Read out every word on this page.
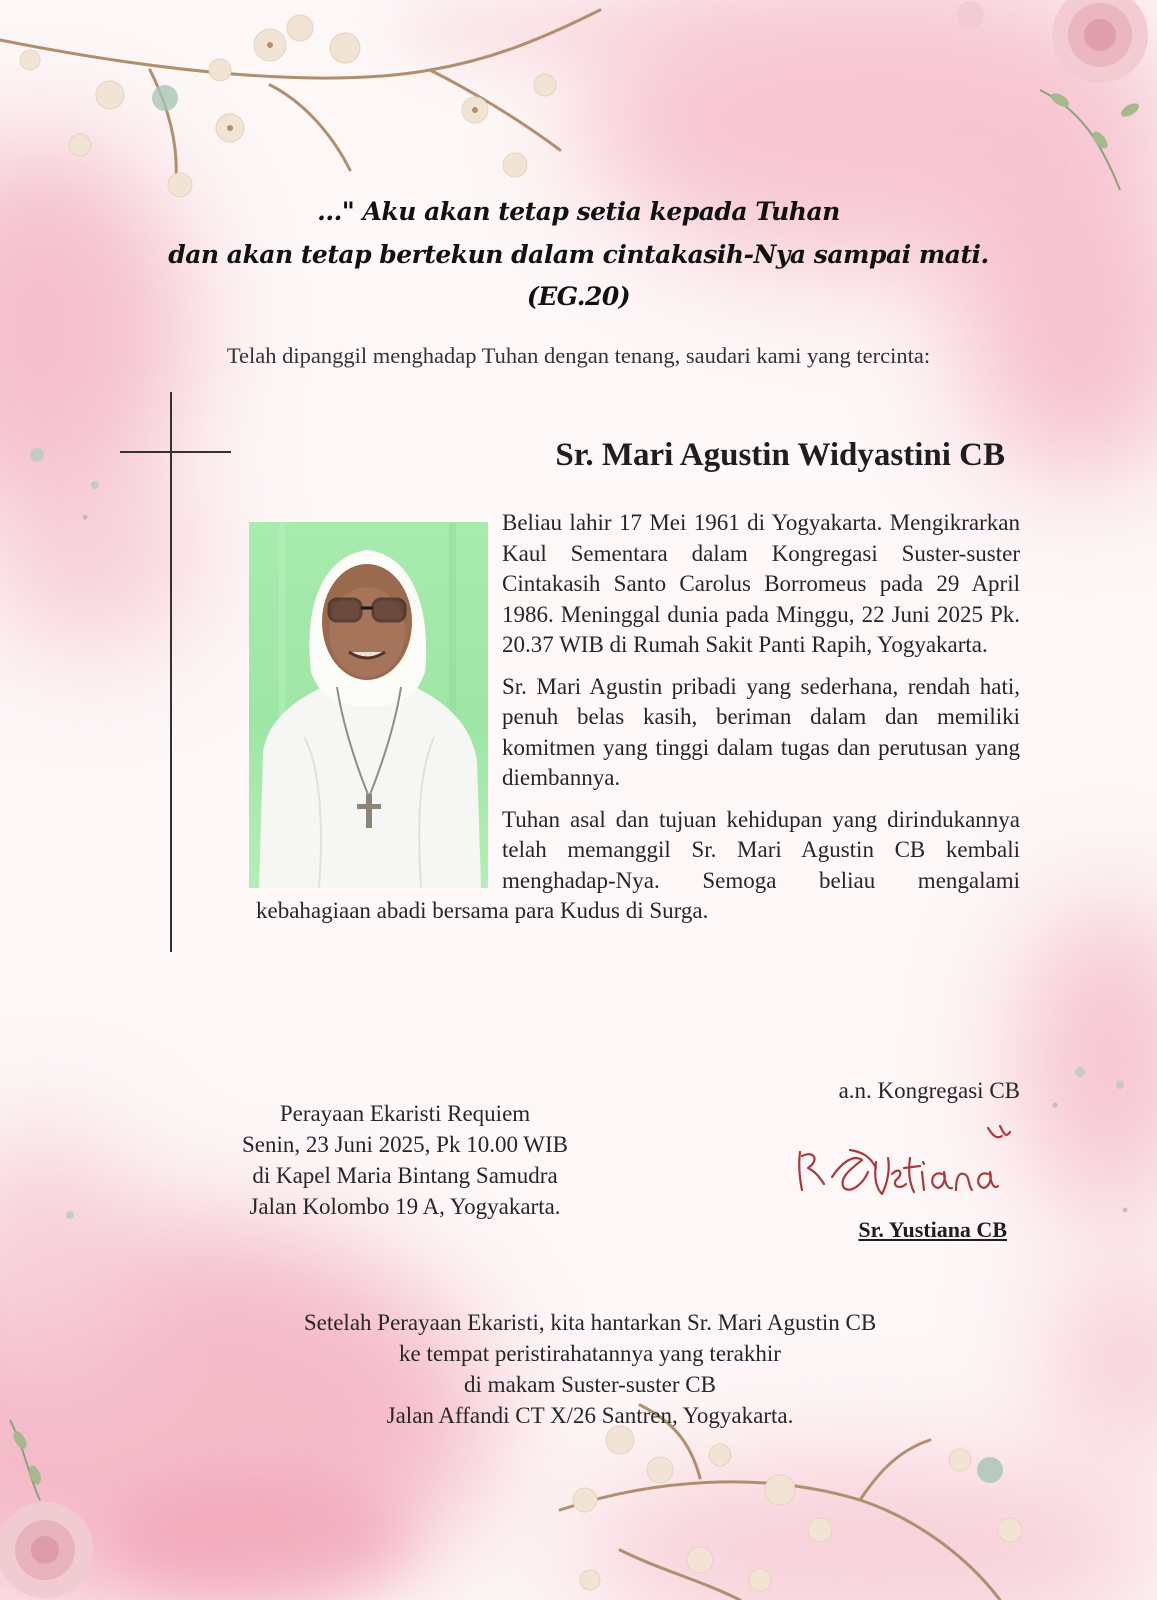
..." Aku akan tetap setia kepada Tuhan
dan akan tetap bertekun dalam cintakasih-Nya sampai mati.
(EG.20)
Telah dipanggil menghadap Tuhan dengan tenang, saudari kami yang tercinta:
Sr. Mari Agustin Widyastini CB

Beliau lahir 17 Mei 1961 di Yogyakarta. Mengikrarkan Kaul Sementara dalam Kongregasi Suster-suster Cintakasih Santo Carolus Borromeus pada 29 April 1986. Meninggal dunia pada Minggu, 22 Juni 2025 Pk. 20.37 WIB di Rumah Sakit Panti Rapih, Yogyakarta.

Sr. Mari Agustin pribadi yang sederhana, rendah hati, penuh belas kasih, beriman dalam dan memiliki komitmen yang tinggi dalam tugas dan perutusan yang diembannya.

Tuhan asal dan tujuan kehidupan yang dirindukannya telah memanggil Sr. Mari Agustin CB kembali menghadap-Nya. Semoga beliau mengalami kebahagiaan abadi bersama para Kudus di Surga.

Perayaan Ekaristi Requiem
Senin, 23 Juni 2025, Pk 10.00 WIB
di Kapel Maria Bintang Samudra
Jalan Kolombo 19 A, Yogyakarta.
a.n. Kongregasi CB
Sr. Yustiana CB
Setelah Perayaan Ekaristi, kita hantarkan Sr. Mari Agustin CB
ke tempat peristirahatannya yang terakhir
di makam Suster-suster CB
Jalan Affandi CT X/26 Santren, Yogyakarta.
